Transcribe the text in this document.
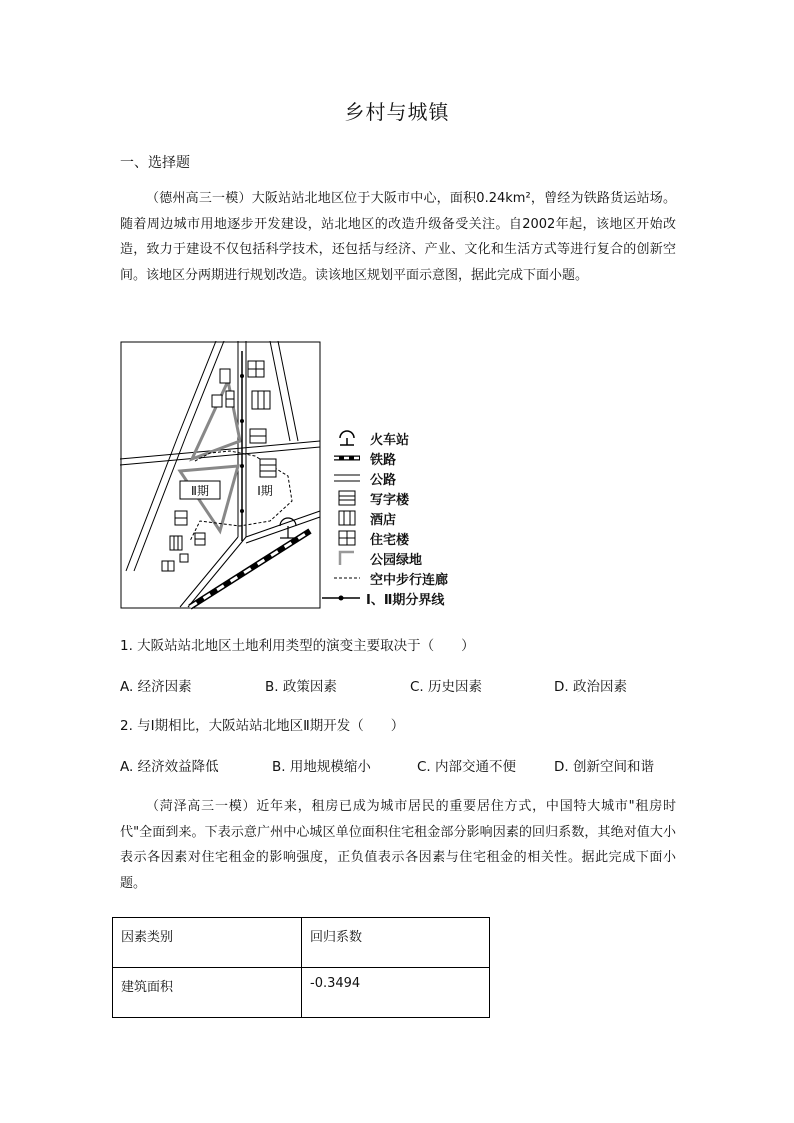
乡村与城镇
一、选择题
（德州高三一模）大阪站站北地区位于大阪市中心，面积0.24km²，曾经为铁路货运站场。随着周边城市用地逐步开发建设，站北地区的改造升级备受关注。自2002年起，该地区开始改造，致力于建设不仅包括科学技术，还包括与经济、产业、文化和生活方式等进行复合的创新空间。该地区分两期进行规划改造。读该地区规划平面示意图，据此完成下面小题。
Ⅱ期	Ⅰ期
火车站
铁路
公路
写字楼
酒店
住宅楼
公园绿地
空中步行连廊
Ⅰ、Ⅱ期分界线
1. 大阪站站北地区土地利用类型的演变主要取决于（　　）
A. 经济因素	B. 政策因素	C. 历史因素	D. 政治因素
2. 与Ⅰ期相比，大阪站站北地区Ⅱ期开发（　　）
A. 经济效益降低	B. 用地规模缩小	C. 内部交通不便	D. 创新空间和谐
（菏泽高三一模）近年来，租房已成为城市居民的重要居住方式，中国特大城市"租房时代"全面到来。下表示意广州中心城区单位面积住宅租金部分影响因素的回归系数，其绝对值大小表示各因素对住宅租金的影响强度，正负值表示各因素与住宅租金的相关性。据此完成下面小题。
因素类别	回归系数
建筑面积	-0.3494
